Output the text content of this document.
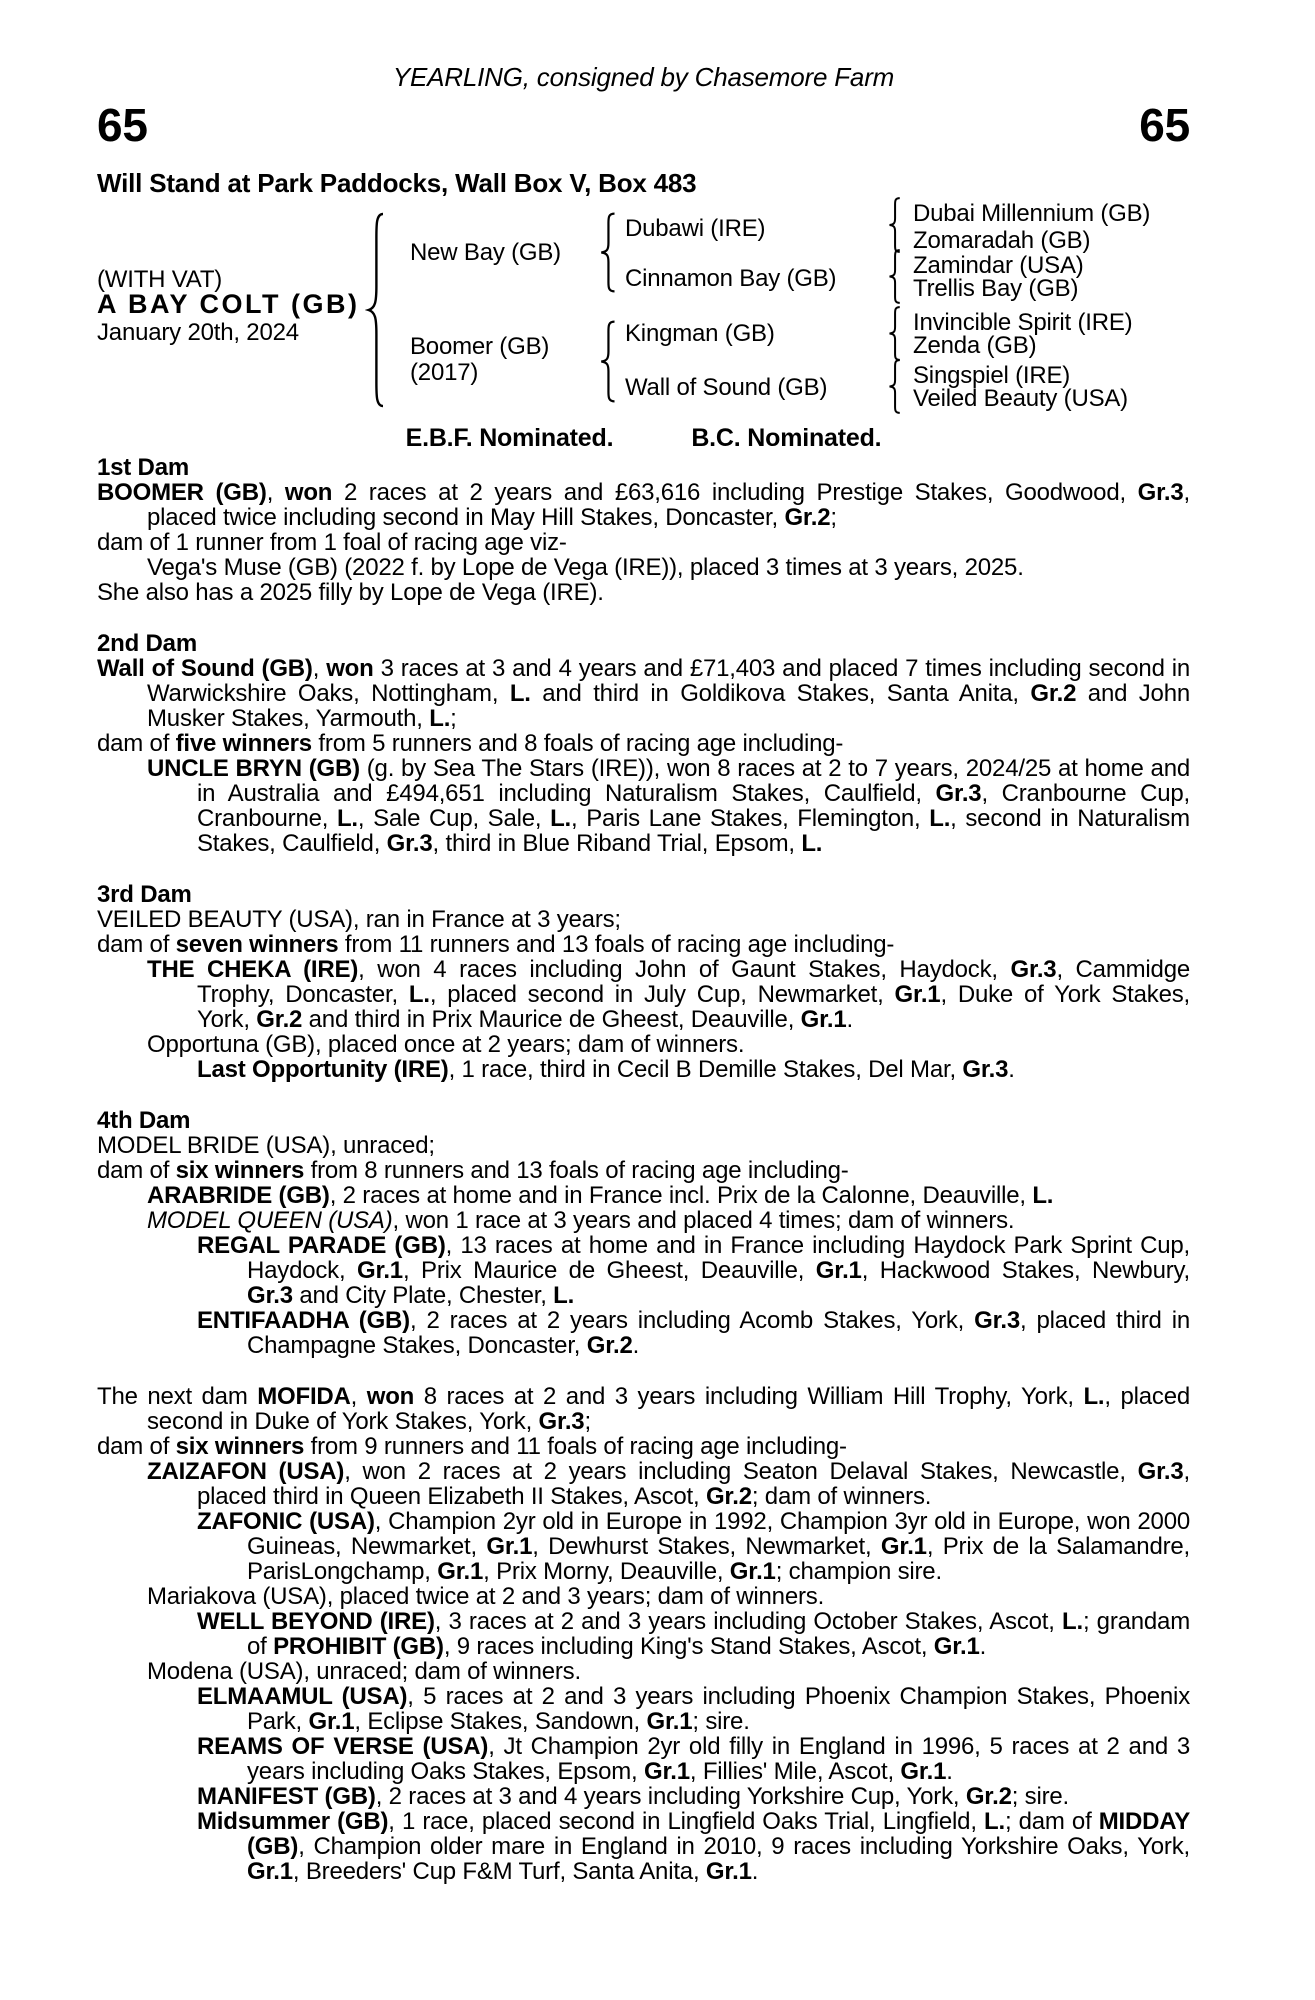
YEARLING, consigned by Chasemore Farm
65	65
Will Stand at Park Paddocks, Wall Box V, Box 483
(WITH VAT)
A BAY COLT (GB)
January 20th, 2024
New Bay (GB)
Boomer (GB)
(2017)
Dubawi (IRE)
Cinnamon Bay (GB)
Kingman (GB)
Wall of Sound (GB)
Dubai Millennium (GB)
Zomaradah (GB)
Zamindar (USA)
Trellis Bay (GB)
Invincible Spirit (IRE)
Zenda (GB)
Singspiel (IRE)
Veiled Beauty (USA)
E.B.F. Nominated.	B.C. Nominated.
1st Dam

BOOMER (GB), won 2 races at 2 years and £63,616 including Prestige Stakes, Goodwood, Gr.3, placed twice including second in May Hill Stakes, Doncaster, Gr.2;

dam of 1 runner from 1 foal of racing age viz-

Vega's Muse (GB) (2022 f. by Lope de Vega (IRE)), placed 3 times at 3 years, 2025.

She also has a 2025 filly by Lope de Vega (IRE).

2nd Dam

Wall of Sound (GB), won 3 races at 3 and 4 years and £71,403 and placed 7 times including second in Warwickshire Oaks, Nottingham, L. and third in Goldikova Stakes, Santa Anita, Gr.2 and John Musker Stakes, Yarmouth, L.;

dam of five winners from 5 runners and 8 foals of racing age including-

UNCLE BRYN (GB) (g. by Sea The Stars (IRE)), won 8 races at 2 to 7 years, 2024/25 at home and in Australia and £494,651 including Naturalism Stakes, Caulfield, Gr.3, Cranbourne Cup, Cranbourne, L., Sale Cup, Sale, L., Paris Lane Stakes, Flemington, L., second in Naturalism Stakes, Caulfield, Gr.3, third in Blue Riband Trial, Epsom, L.

3rd Dam

VEILED BEAUTY (USA), ran in France at 3 years;

dam of seven winners from 11 runners and 13 foals of racing age including-

THE CHEKA (IRE), won 4 races including John of Gaunt Stakes, Haydock, Gr.3, Cammidge Trophy, Doncaster, L., placed second in July Cup, Newmarket, Gr.1, Duke of York Stakes, York, Gr.2 and third in Prix Maurice de Gheest, Deauville, Gr.1.

Opportuna (GB), placed once at 2 years; dam of winners.

Last Opportunity (IRE), 1 race, third in Cecil B Demille Stakes, Del Mar, Gr.3.

4th Dam

MODEL BRIDE (USA), unraced;

dam of six winners from 8 runners and 13 foals of racing age including-

ARABRIDE (GB), 2 races at home and in France incl. Prix de la Calonne, Deauville, L.

MODEL QUEEN (USA), won 1 race at 3 years and placed 4 times; dam of winners.

REGAL PARADE (GB), 13 races at home and in France including Haydock Park Sprint Cup, Haydock, Gr.1, Prix Maurice de Gheest, Deauville, Gr.1, Hackwood Stakes, Newbury, Gr.3 and City Plate, Chester, L.

ENTIFAADHA (GB), 2 races at 2 years including Acomb Stakes, York, Gr.3, placed third in Champagne Stakes, Doncaster, Gr.2.

The next dam MOFIDA, won 8 races at 2 and 3 years including William Hill Trophy, York, L., placed second in Duke of York Stakes, York, Gr.3;

dam of six winners from 9 runners and 11 foals of racing age including-

ZAIZAFON (USA), won 2 races at 2 years including Seaton Delaval Stakes, Newcastle, Gr.3, placed third in Queen Elizabeth II Stakes, Ascot, Gr.2; dam of winners.

ZAFONIC (USA), Champion 2yr old in Europe in 1992, Champion 3yr old in Europe, won 2000 Guineas, Newmarket, Gr.1, Dewhurst Stakes, Newmarket, Gr.1, Prix de la Salamandre, ParisLongchamp, Gr.1, Prix Morny, Deauville, Gr.1; champion sire.

Mariakova (USA), placed twice at 2 and 3 years; dam of winners.

WELL BEYOND (IRE), 3 races at 2 and 3 years including October Stakes, Ascot, L.; grandam of PROHIBIT (GB), 9 races including King's Stand Stakes, Ascot, Gr.1.

Modena (USA), unraced; dam of winners.

ELMAAMUL (USA), 5 races at 2 and 3 years including Phoenix Champion Stakes, Phoenix Park, Gr.1, Eclipse Stakes, Sandown, Gr.1; sire.

REAMS OF VERSE (USA), Jt Champion 2yr old filly in England in 1996, 5 races at 2 and 3 years including Oaks Stakes, Epsom, Gr.1, Fillies' Mile, Ascot, Gr.1.

MANIFEST (GB), 2 races at 3 and 4 years including Yorkshire Cup, York, Gr.2; sire.

Midsummer (GB), 1 race, placed second in Lingfield Oaks Trial, Lingfield, L.; dam of MIDDAY (GB), Champion older mare in England in 2010, 9 races including Yorkshire Oaks, York, Gr.1, Breeders' Cup F&M Turf, Santa Anita, Gr.1.
